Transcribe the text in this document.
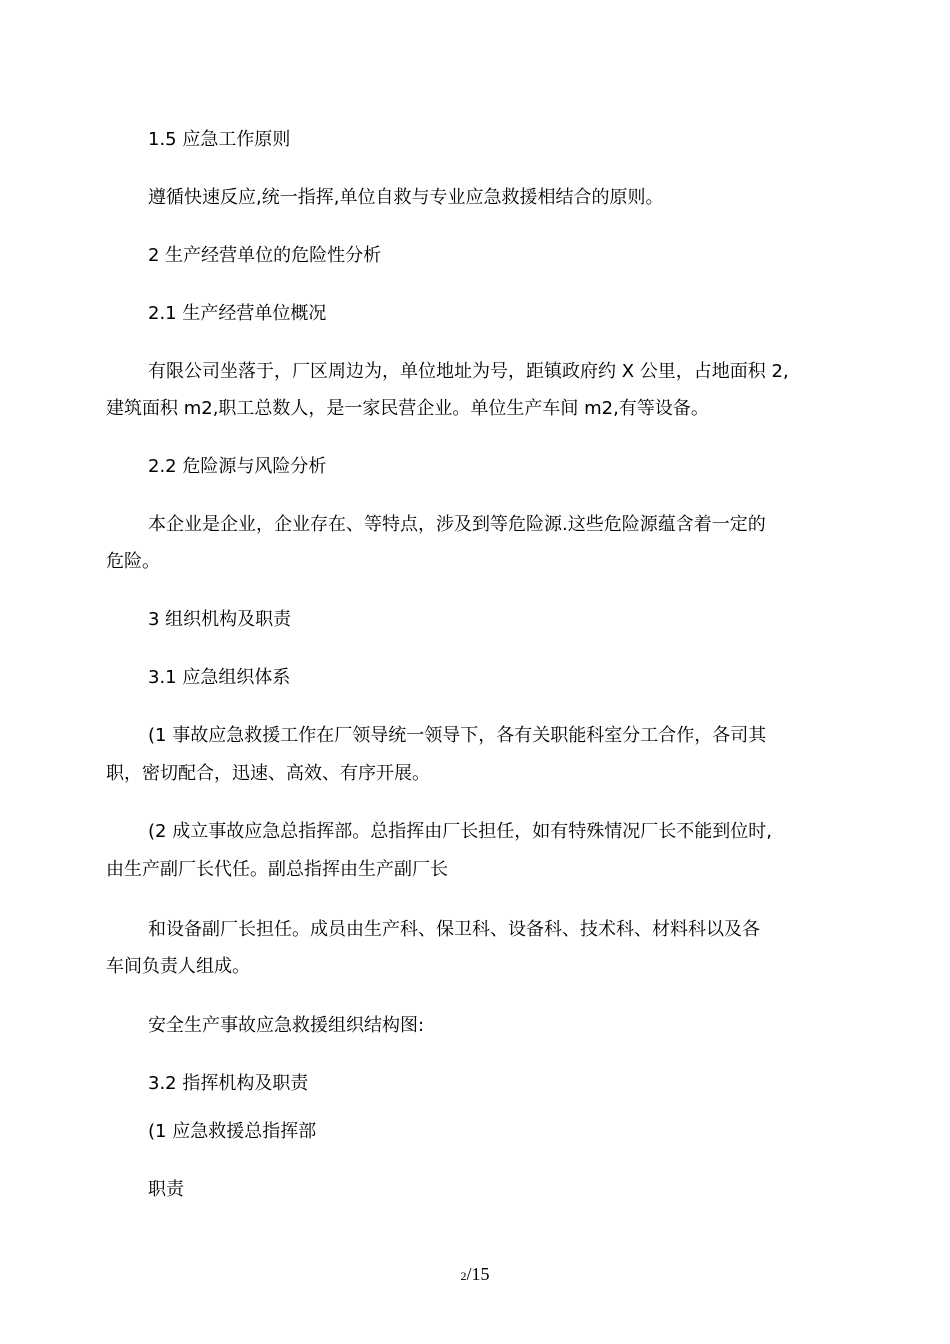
1.5 应急工作原则
遵循快速反应,统一指挥,单位自救与专业应急救援相结合的原则。
2 生产经营单位的危险性分析
2.1 生产经营单位概况
有限公司坐落于，厂区周边为，单位地址为号，距镇政府约 X 公里，占地面积 2,
建筑面积 m2,职工总数人，是一家民营企业。单位生产车间 m2,有等设备。
2.2 危险源与风险分析
本企业是企业，企业存在、等特点，涉及到等危险源.这些危险源蕴含着一定的
危险。
3 组织机构及职责
3.1 应急组织体系
(1 事故应急救援工作在厂领导统一领导下，各有关职能科室分工合作，各司其
职，密切配合，迅速、高效、有序开展。
(2 成立事故应急总指挥部。总指挥由厂长担任，如有特殊情况厂长不能到位时,
由生产副厂长代任。副总指挥由生产副厂长
和设备副厂长担任。成员由生产科、保卫科、设备科、技术科、材料科以及各
车间负责人组成。
安全生产事故应急救援组织结构图:
3.2 指挥机构及职责
(1 应急救援总指挥部
职责
2/15
